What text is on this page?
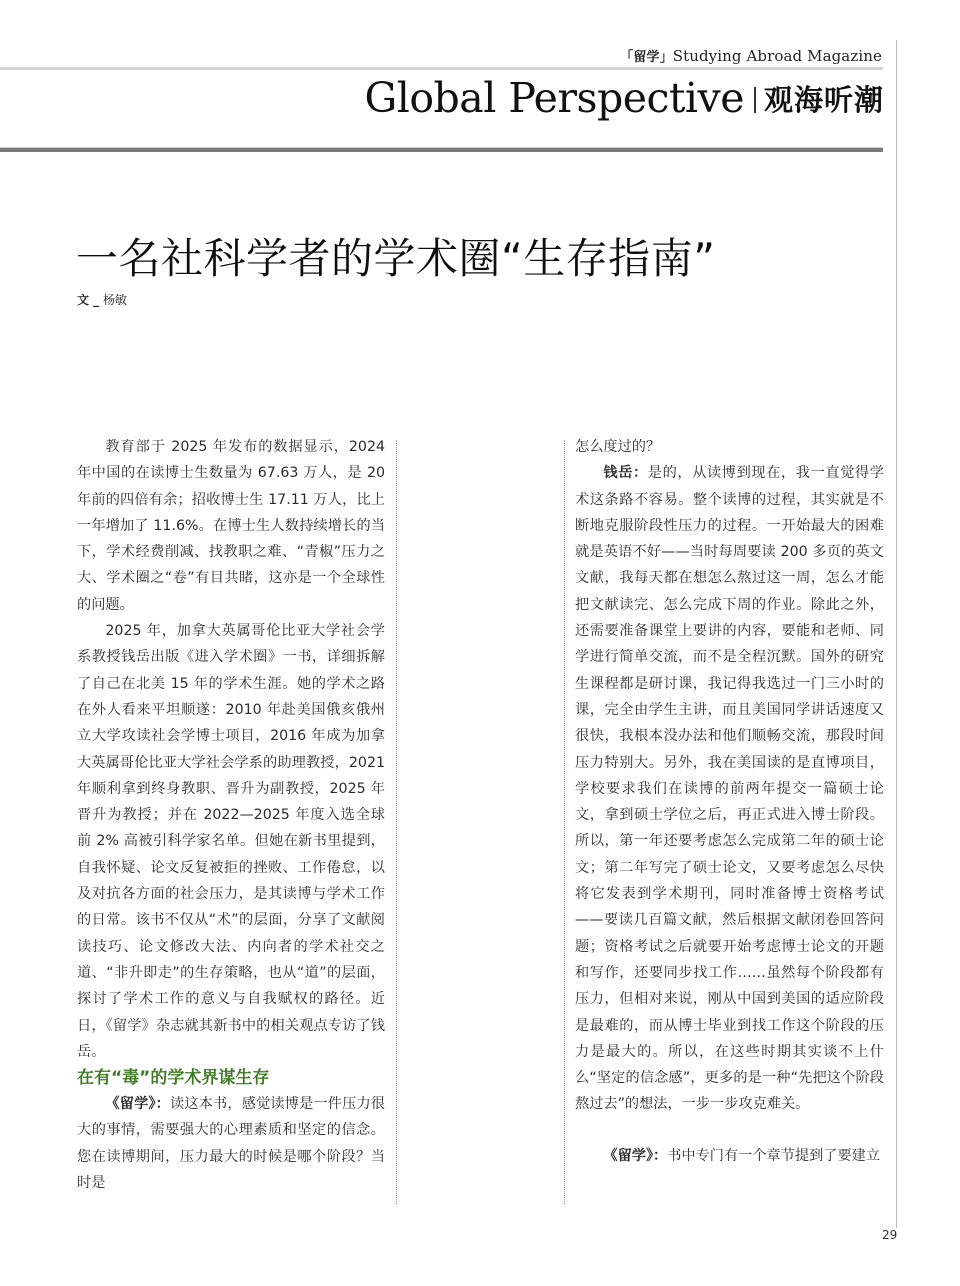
「留学」Studying Abroad Magazine
Global Perspective 观海听潮
一名社科学者的学术圈“生存指南”
文 _ 杨敏

教育部于 2025 年发布的数据显示，2024 年中国的在读博士生数量为 67.63 万人，是 20 年前的四倍有余；招收博士生 17.11 万人，比上一年增加了 11.6%。在博士生人数持续增长的当下，学术经费削减、找教职之难、“青椒”压力之大、学术圈之“卷”有目共睹，这亦是一个全球性的问题。

2025 年，加拿大英属哥伦比亚大学社会学系教授钱岳出版《进入学术圈》一书，详细拆解了自己在北美 15 年的学术生涯。她的学术之路在外人看来平坦顺遂：2010 年赴美国俄亥俄州立大学攻读社会学博士项目，2016 年成为加拿大英属哥伦比亚大学社会学系的助理教授，2021 年顺利拿到终身教职、晋升为副教授，2025 年晋升为教授；并在 2022—2025 年度入选全球前 2% 高被引科学家名单。但她在新书里提到，自我怀疑、论文反复被拒的挫败、工作倦怠，以及对抗各方面的社会压力，是其读博与学术工作的日常。该书不仅从“术”的层面，分享了文献阅读技巧、论文修改大法、内向者的学术社交之道、“非升即走”的生存策略，也从“道”的层面，探讨了学术工作的意义与自我赋权的路径。近日，《留学》杂志就其新书中的相关观点专访了钱岳。

在有“毒”的学术界谋生存

《留学》：读这本书，感觉读博是一件压力很大的事情，需要强大的心理素质和坚定的信念。您在读博期间，压力最大的时候是哪个阶段？当时是

怎么度过的？

钱岳：是的，从读博到现在，我一直觉得学术这条路不容易。整个读博的过程，其实就是不断地克服阶段性压力的过程。一开始最大的困难就是英语不好——当时每周要读 200 多页的英文文献，我每天都在想怎么熬过这一周，怎么才能把文献读完、怎么完成下周的作业。除此之外，还需要准备课堂上要讲的内容，要能和老师、同学进行简单交流，而不是全程沉默。国外的研究生课程都是研讨课，我记得我选过一门三小时的课，完全由学生主讲，而且美国同学讲话速度又很快，我根本没办法和他们顺畅交流，那段时间压力特别大。另外，我在美国读的是直博项目，学校要求我们在读博的前两年提交一篇硕士论文，拿到硕士学位之后，再正式进入博士阶段。所以，第一年还要考虑怎么完成第二年的硕士论文；第二年写完了硕士论文，又要考虑怎么尽快将它发表到学术期刊，同时准备博士资格考试——要读几百篇文献，然后根据文献闭卷回答问题；资格考试之后就要开始考虑博士论文的开题和写作，还要同步找工作……虽然每个阶段都有压力，但相对来说，刚从中国到美国的适应阶段是最难的，而从博士毕业到找工作这个阶段的压力是最大的。所以，在这些时期其实谈不上什么“坚定的信念感”，更多的是一种“先把这个阶段熬过去”的想法，一步一步攻克难关。

《留学》：书中专门有一个章节提到了要建立

29
